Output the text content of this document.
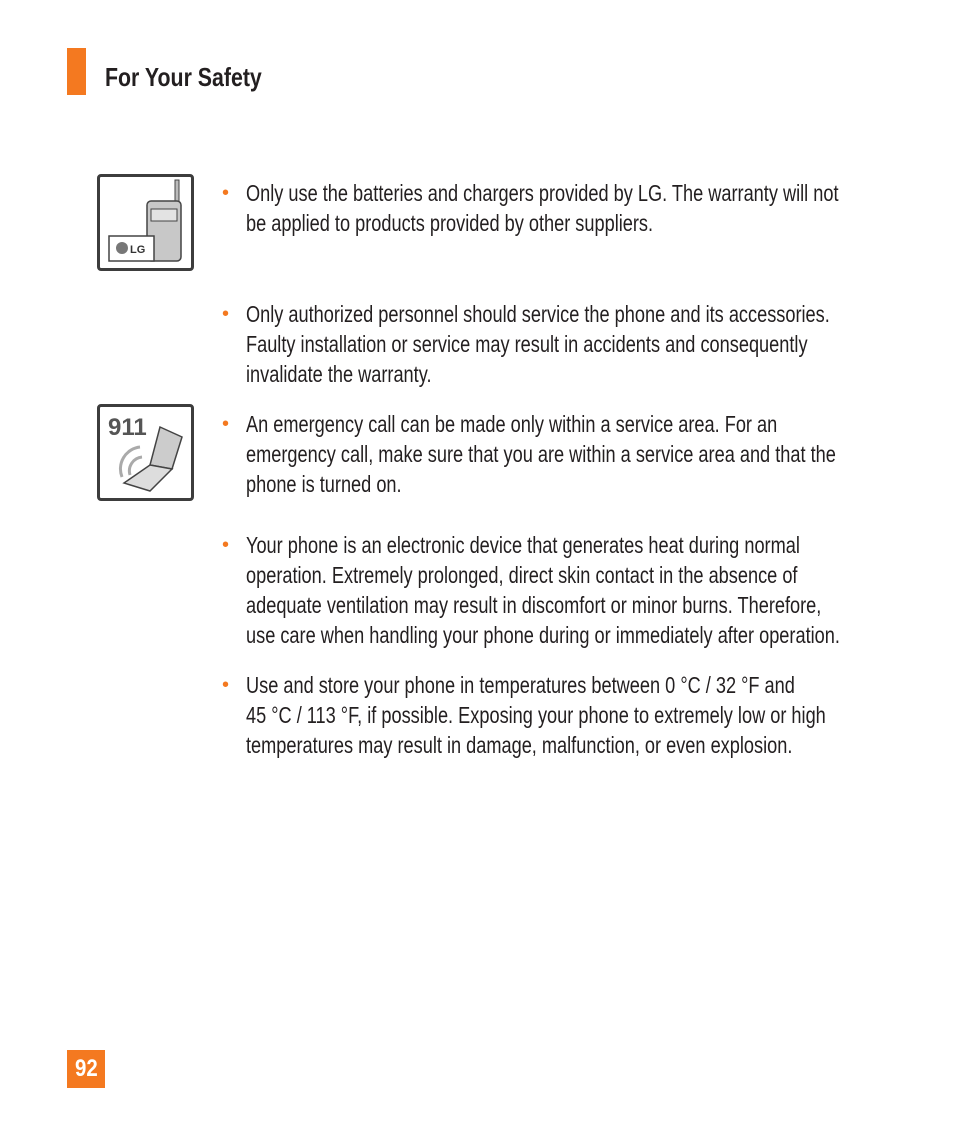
For Your Safety
LG
911
• Only use the batteries and chargers provided by LG. The warranty will not
be applied to products provided by other suppliers.
• Only authorized personnel should service the phone and its accessories.
Faulty installation or service may result in accidents and consequently
invalidate the warranty.
• An emergency call can be made only within a service area. For an
emergency call, make sure that you are within a service area and that the
phone is turned on.
• Your phone is an electronic device that generates heat during normal
operation. Extremely prolonged, direct skin contact in the absence of
adequate ventilation may result in discomfort or minor burns. Therefore,
use care when handling your phone during or immediately after operation.
• Use and store your phone in temperatures between 0 °C / 32 °F and
45 °C / 113 °F, if possible. Exposing your phone to extremely low or high
temperatures may result in damage, malfunction, or even explosion.
92
